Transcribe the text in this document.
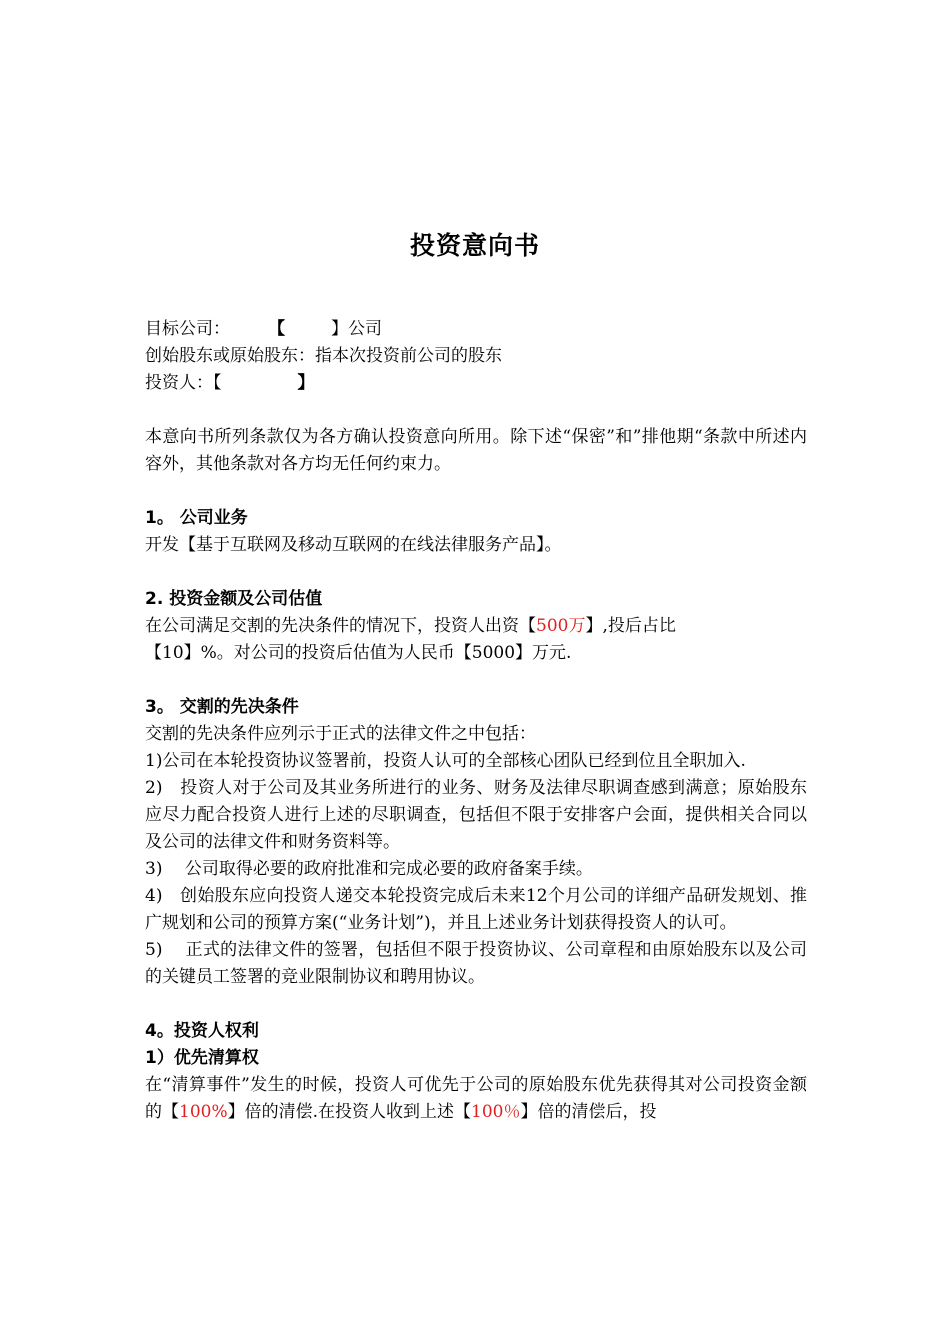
投资意向书
目标公司： 【	】公司
创始股东或原始股东：指本次投资前公司的股东
投资人：【	】
本意向书所列条款仅为各方确认投资意向所用。除下述“保密”和”排他期“条款中所述内容外，其他条款对各方均无任何约束力。
1。 公司业务
开发【基于互联网及移动互联网的在线法律服务产品】。
2. 投资金额及公司估值
在公司满足交割的先决条件的情况下，投资人出资【500万】,投后占比
【10】%。对公司的投资后估值为人民币【5000】万元.
3。 交割的先决条件
交割的先决条件应列示于正式的法律文件之中包括：
1)公司在本轮投资协议签署前，投资人认可的全部核心团队已经到位且全职加入.
2)　投资人对于公司及其业务所进行的业务、财务及法律尽职调查感到满意；原始股东应尽力配合投资人进行上述的尽职调查，包括但不限于安排客户会面，提供相关合同以及公司的法律文件和财务资料等。
3)　 公司取得必要的政府批准和完成必要的政府备案手续。
4)　创始股东应向投资人递交本轮投资完成后未来12个月公司的详细产品研发规划、推广规划和公司的预算方案(“业务计划”)，并且上述业务计划获得投资人的认可。
5)　 正式的法律文件的签署，包括但不限于投资协议、公司章程和由原始股东以及公司的关键员工签署的竞业限制协议和聘用协议。
4。投资人权利
1）优先清算权
在“清算事件”发生的时候，投资人可优先于公司的原始股东优先获得其对公司投资金额的【100%】倍的清偿.在投资人收到上述【100％】倍的清偿后，投
